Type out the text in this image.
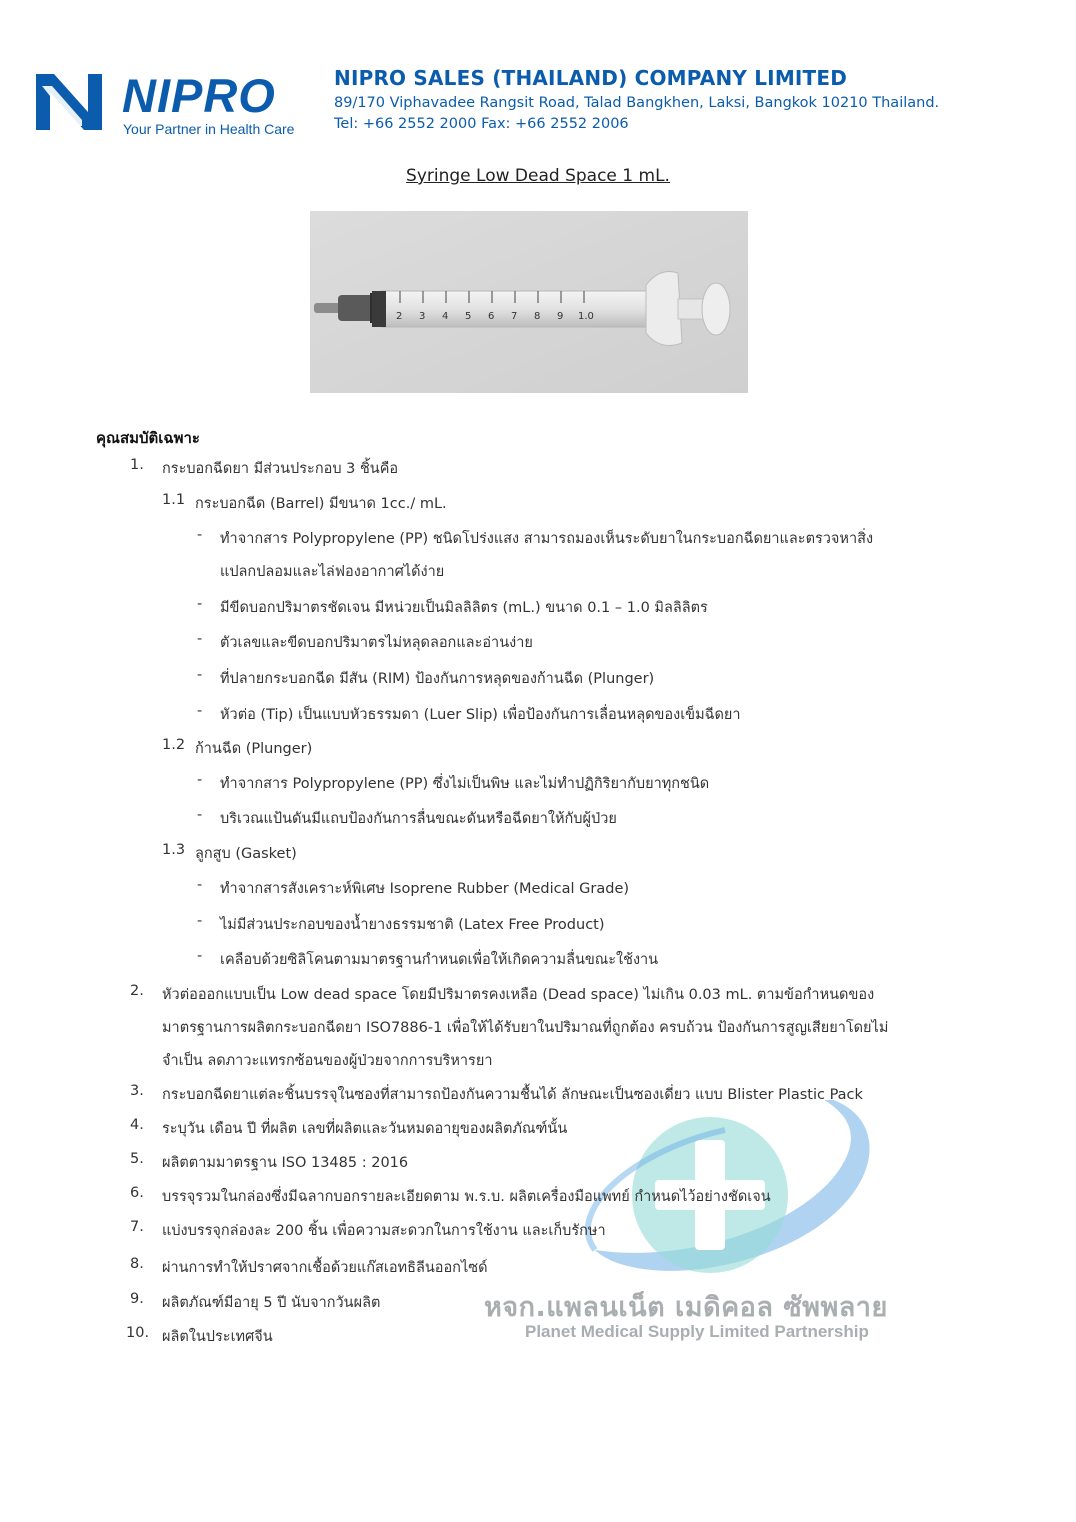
NIPRO
Your Partner in Health Care
NIPRO SALES (THAILAND) COMPANY LIMITED
89/170 Viphavadee Rangsit Road, Talad Bangkhen, Laksi, Bangkok 10210 Thailand.
Tel: +66 2552 2000 Fax: +66 2552 2006
Syringe Low Dead Space 1 mL.
2 3 4 5 6 7 8 9 1.0
คุณสมบัติเฉพาะ
หจก.แพลนเน็ต เมดิคอล ซัพพลาย
Planet Medical Supply Limited Partnership
1. กระบอกฉีดยา มีส่วนประกอบ 3 ชิ้นคือ
1.1 กระบอกฉีด (Barrel) มีขนาด 1cc./ mL.
- ทำจากสาร Polypropylene (PP) ชนิดโปร่งแสง สามารถมองเห็นระดับยาในกระบอกฉีดยาและตรวจหาสิ่ง
แปลกปลอมและไล่ฟองอากาศได้ง่าย
- มีขีดบอกปริมาตรชัดเจน มีหน่วยเป็นมิลลิลิตร (mL.) ขนาด 0.1 – 1.0 มิลลิลิตร
- ตัวเลขและขีดบอกปริมาตรไม่หลุดลอกและอ่านง่าย
- ที่ปลายกระบอกฉีด มีสัน (RIM) ป้องกันการหลุดของก้านฉีด (Plunger)
- หัวต่อ (Tip) เป็นแบบหัวธรรมดา (Luer Slip) เพื่อป้องกันการเลื่อนหลุดของเข็มฉีดยา
1.2 ก้านฉีด (Plunger)
- ทำจากสาร Polypropylene (PP) ซึ่งไม่เป็นพิษ และไม่ทำปฏิกิริยากับยาทุกชนิด
- บริเวณแป้นดันมีแถบป้องกันการลื่นขณะดันหรือฉีดยาให้กับผู้ป่วย
1.3 ลูกสูบ (Gasket)
- ทำจากสารสังเคราะห์พิเศษ Isoprene Rubber (Medical Grade)
- ไม่มีส่วนประกอบของน้ำยางธรรมชาติ (Latex Free Product)
- เคลือบด้วยซิลิโคนตามมาตรฐานกำหนดเพื่อให้เกิดความลื่นขณะใช้งาน
2. หัวต่อออกแบบเป็น Low dead space โดยมีปริมาตรคงเหลือ (Dead space) ไม่เกิน 0.03 mL. ตามข้อกำหนดของ
มาตรฐานการผลิตกระบอกฉีดยา ISO7886-1 เพื่อให้ได้รับยาในปริมาณที่ถูกต้อง ครบถ้วน ป้องกันการสูญเสียยาโดยไม่
จำเป็น ลดภาวะแทรกซ้อนของผู้ป่วยจากการบริหารยา
3. กระบอกฉีดยาแต่ละชิ้นบรรจุในซองที่สามารถป้องกันความชื้นได้ ลักษณะเป็นซองเดี่ยว แบบ Blister Plastic Pack
4. ระบุวัน เดือน ปี ที่ผลิต เลขที่ผลิตและวันหมดอายุของผลิตภัณฑ์นั้น
5. ผลิตตามมาตรฐาน ISO 13485 : 2016
6. บรรจุรวมในกล่องซึ่งมีฉลากบอกรายละเอียดตาม พ.ร.บ. ผลิตเครื่องมือแพทย์ กำหนดไว้อย่างชัดเจน
7. แบ่งบรรจุกล่องละ 200 ชิ้น เพื่อความสะดวกในการใช้งาน และเก็บรักษา
8. ผ่านการทำให้ปราศจากเชื้อด้วยแก๊สเอทธิลีนออกไซด์
9. ผลิตภัณฑ์มีอายุ 5 ปี นับจากวันผลิต
10. ผลิตในประเทศจีน
